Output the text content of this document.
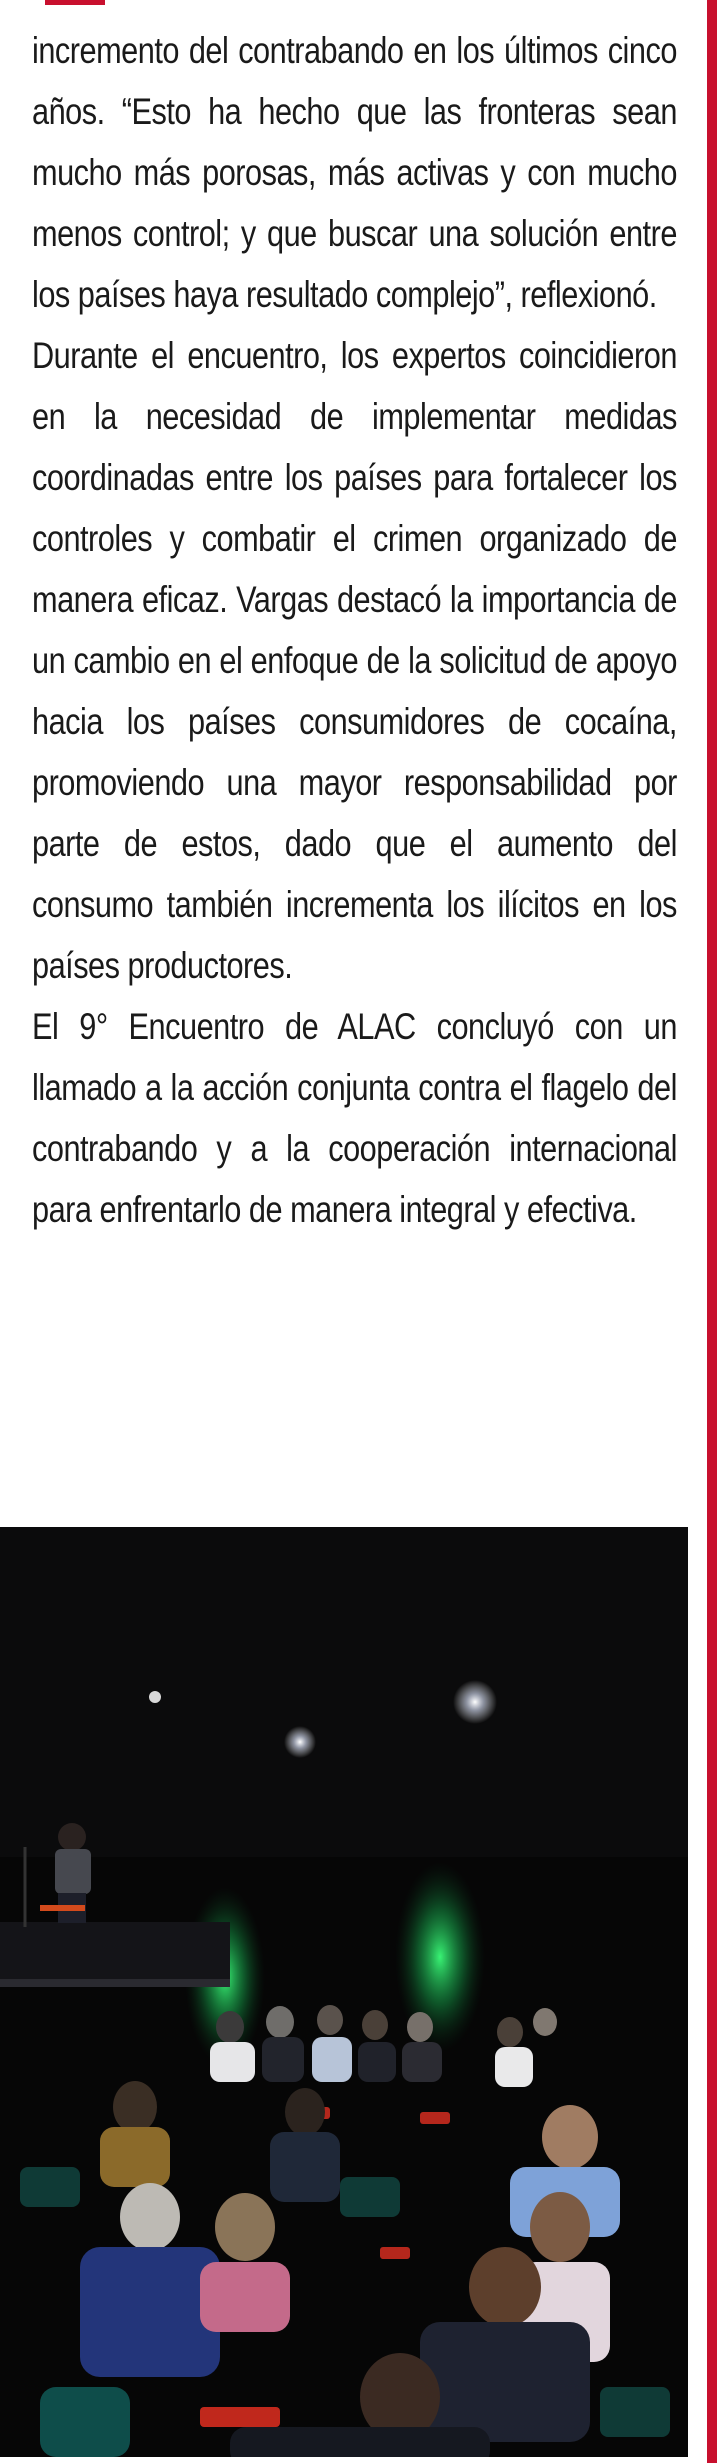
incremento del contrabando en los últimos cinco años. “Esto ha hecho que las fronteras sean mucho más porosas, más activas y con mucho menos control; y que buscar una solución entre los países haya resultado complejo”, reflexionó.

Durante el encuentro, los expertos coincidieron en la necesidad de implementar medidas coordinadas entre los países para fortalecer los controles y combatir el crimen organizado de manera eficaz. Vargas destacó la importancia de un cambio en el enfoque de la solicitud de apoyo hacia los países consumidores de cocaína, promoviendo una mayor responsabilidad por parte de estos, dado que el aumento del consumo también incrementa los ilícitos en los países productores.

El 9° Encuentro de ALAC concluyó con un llamado a la acción conjunta contra el flagelo del contrabando y a la cooperación internacional para enfrentarlo de manera integral y efectiva.
